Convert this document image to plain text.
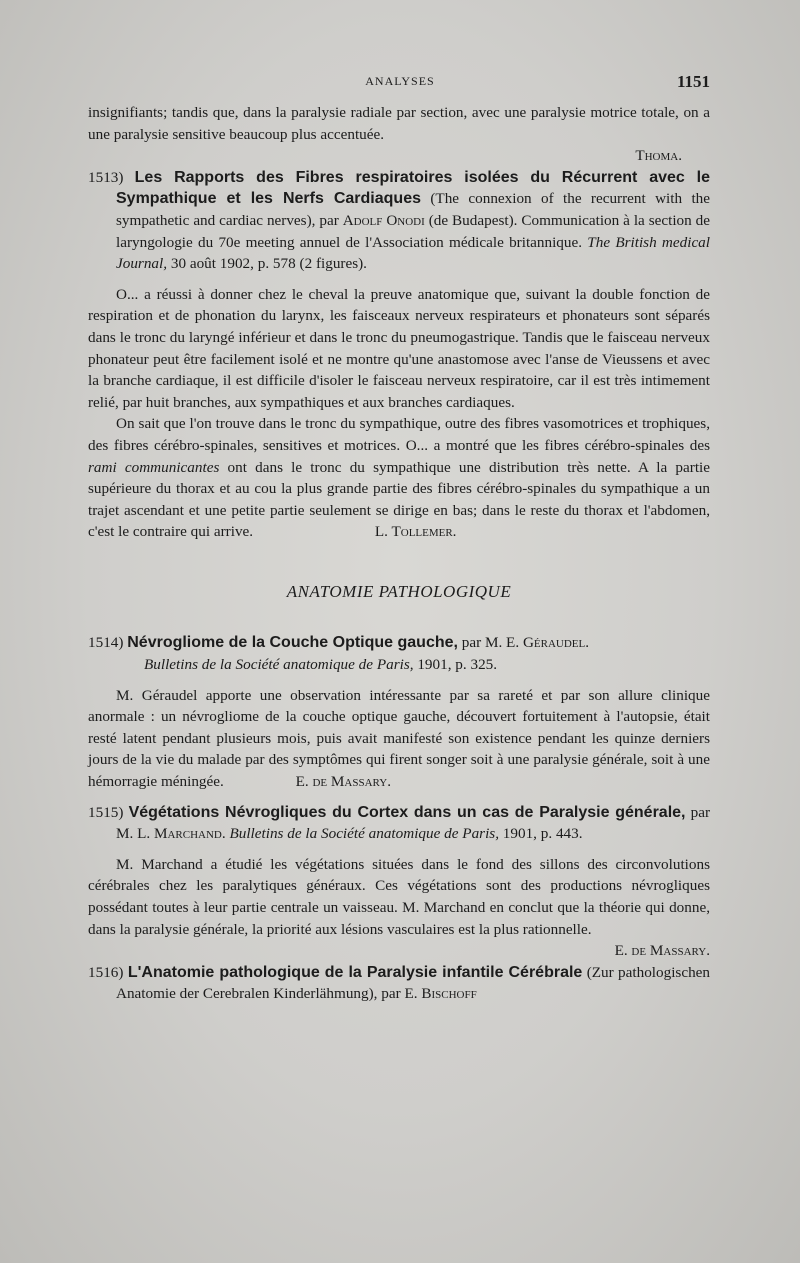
ANALYSES	1151

insignifiants; tandis que, dans la paralysie radiale par section, avec une paralysie motrice totale, on a une paralysie sensitive beaucoup plus accentuée.

Thoma.

1513) Les Rapports des Fibres respiratoires isolées du Récurrent avec le Sympathique et les Nerfs Cardiaques (The connexion of the recurrent with the sympathetic and cardiac nerves), par Adolf Onodi (de Budapest). Communication à la section de laryngologie du 70e meeting annuel de l'Association médicale britannique. The British medical Journal, 30 août 1902, p. 578 (2 figures).

O... a réussi à donner chez le cheval la preuve anatomique que, suivant la double fonction de respiration et de phonation du larynx, les faisceaux nerveux respirateurs et phonateurs sont séparés dans le tronc du laryngé inférieur et dans le tronc du pneumogastrique. Tandis que le faisceau nerveux phonateur peut être facilement isolé et ne montre qu'une anastomose avec l'anse de Vieussens et avec la branche cardiaque, il est difficile d'isoler le faisceau nerveux respiratoire, car il est très intimement relié, par huit branches, aux sympathiques et aux branches cardiaques.

On sait que l'on trouve dans le tronc du sympathique, outre des fibres vasomotrices et trophiques, des fibres cérébro-spinales, sensitives et motrices. O... a montré que les fibres cérébro-spinales des rami communicantes ont dans le tronc du sympathique une distribution très nette. A la partie supérieure du thorax et au cou la plus grande partie des fibres cérébro-spinales du sympathique a un trajet ascendant et une petite partie seulement se dirige en bas; dans le reste du thorax et l'abdomen, c'est le contraire qui arrive.	L. Tollemer.

ANATOMIE PATHOLOGIQUE

1514) Névrogliome de la Couche Optique gauche, par M. E. Géraudel.

Bulletins de la Société anatomique de Paris, 1901, p. 325.

M. Géraudel apporte une observation intéressante par sa rareté et par son allure clinique anormale : un névrogliome de la couche optique gauche, découvert fortuitement à l'autopsie, était resté latent pendant plusieurs mois, puis avait manifesté son existence pendant les quinze derniers jours de la vie du malade par des symptômes qui firent songer soit à une paralysie générale, soit à une hémorragie méningée.	E. de Massary.

1515) Végétations Névrogliques du Cortex dans un cas de Paralysie générale, par M. L. Marchand. Bulletins de la Société anatomique de Paris, 1901, p. 443.

M. Marchand a étudié les végétations situées dans le fond des sillons des circonvolutions cérébrales chez les paralytiques généraux. Ces végétations sont des productions névrogliques possédant toutes à leur partie centrale un vaisseau. M. Marchand en conclut que la théorie qui donne, dans la paralysie générale, la priorité aux lésions vasculaires est la plus rationnelle.

E. de Massary.

1516) L'Anatomie pathologique de la Paralysie infantile Cérébrale (Zur pathologischen Anatomie der Cerebralen Kinderlähmung), par E. Bischoff
